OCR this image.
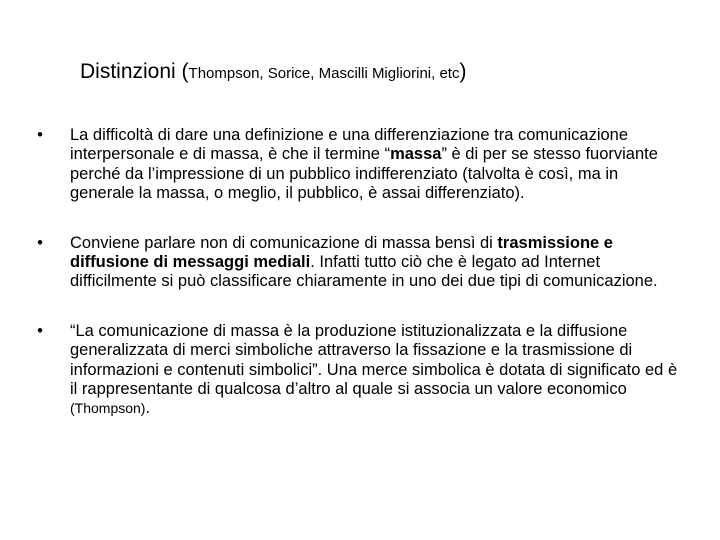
Distinzioni (Thompson, Sorice, Mascilli Migliorini, etc)
•	La difficoltà di dare una definizione e una differenziazione tra comunicazione interpersonale e di massa, è che il termine “massa” è di per se stesso fuorviante perché da l’impressione di un pubblico indifferenziato (talvolta è così, ma in generale la massa, o meglio, il pubblico, è assai differenziato).
•	Conviene parlare non di comunicazione di massa bensì di trasmissione e diffusione di messaggi mediali. Infatti tutto ciò che è legato ad Internet difficilmente si può classificare chiaramente in uno dei due tipi di comunicazione.
•	“La comunicazione di massa è la produzione istituzionalizzata e la diffusione generalizzata di merci simboliche attraverso la fissazione e la trasmissione di informazioni e contenuti simbolici”. Una merce simbolica è dotata di significato ed è il rappresentante di qualcosa d’altro al quale si associa un valore economico (Thompson).
